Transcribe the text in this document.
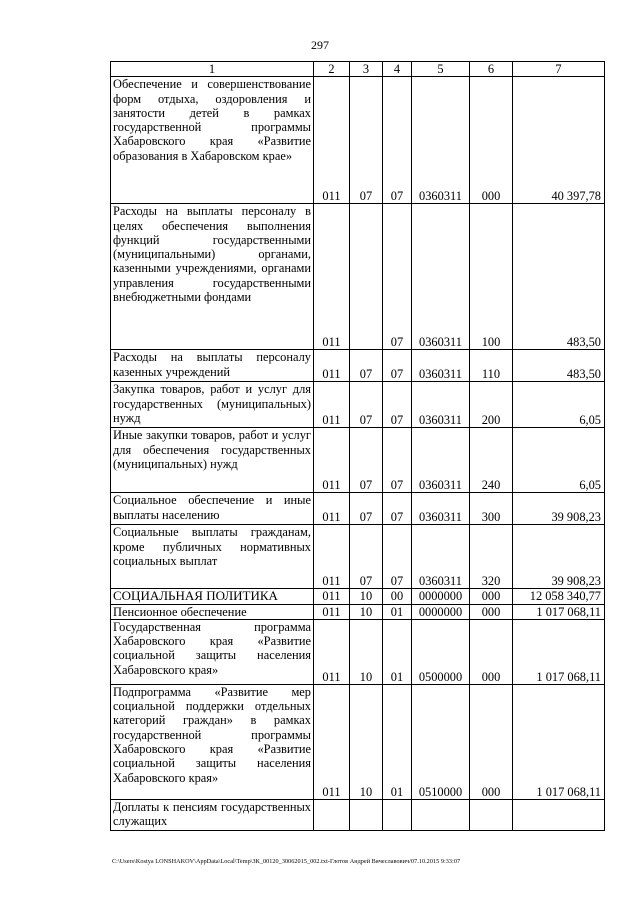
297
1	2	3	4	5	6	7
Обеспечение и совершенствование форм отдыха, оздоровления и занятости детей в рамках государственной программы Хабаровского края «Развитие образования в Хабаровском крае»	011	07	07	0360311	000	40 397,78
Расходы на выплаты персоналу в целях обеспечения выполнения функций государственными (муниципальными) органами, казенными учреждениями, органами управления государственными внебюджетными фондами	011		07	0360311	100	483,50
Расходы на выплаты персоналу казенных учреждений	011	07	07	0360311	110	483,50
Закупка товаров, работ и услуг для государственных (муниципальных) нужд	011	07	07	0360311	200	6,05
Иные закупки товаров, работ и услуг для обеспечения государственных (муниципальных) нужд	011	07	07	0360311	240	6,05
Социальное обеспечение и иные выплаты населению	011	07	07	0360311	300	39 908,23
Социальные выплаты гражданам, кроме публичных нормативных социальных выплат	011	07	07	0360311	320	39 908,23
СОЦИАЛЬНАЯ ПОЛИТИКА	011	10	00	0000000	000	12 058 340,77
Пенсионное обеспечение	011	10	01	0000000	000	1 017 068,11
Государственная программа Хабаровского края «Развитие социальной защиты населения Хабаровского края»	011	10	01	0500000	000	1 017 068,11
Подпрограмма «Развитие мер социальной поддержки отдельных категорий граждан» в рамках государственной программы Хабаровского края «Развитие социальной защиты населения Хабаровского края»	011	10	01	0510000	000	1 017 068,11
Доплаты к пенсиям государственных служащих						
C:\Users\Kostya LONSHAKOV\AppData\Local\Temp\ЗК_00120_30062015_002.txt-Глотов Андрей Вячеславович/07.10.2015 9:33:07
